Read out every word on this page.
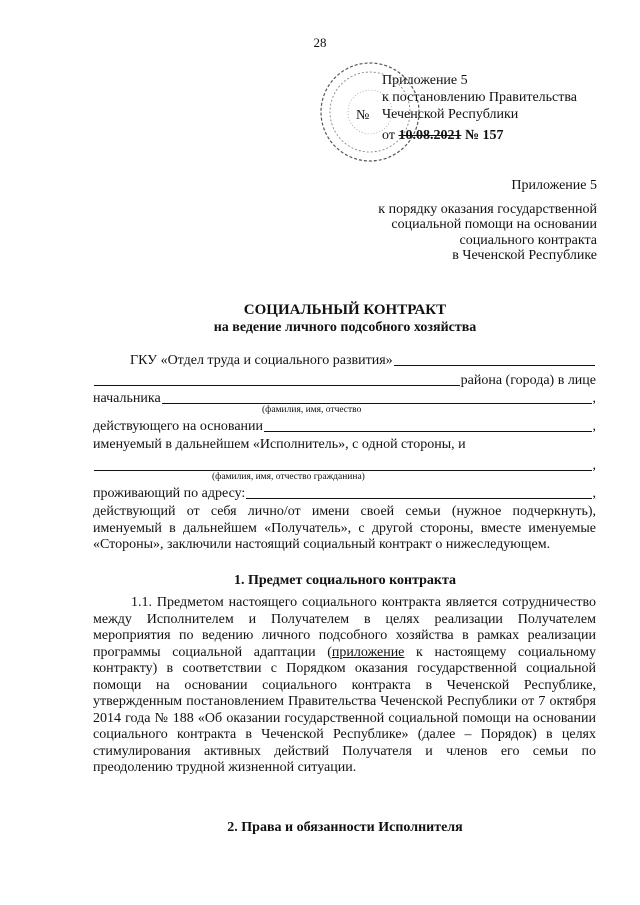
28
№
Приложение 5
к постановлению Правительства
Чеченской Республики
от 10.08.2021 № 157
Приложение 5
к порядку оказания государственной
социальной помощи на основании
социального контракта
в Чеченской Республике
СОЦИАЛЬНЫЙ КОНТРАКТ
на ведение личного подсобного хозяйства
ГКУ «Отдел труда и социального развития»
района (города) в лице
начальника	,
(фамилия, имя, отчество
действующего на основании	,
именуемый в дальнейшем «Исполнитель», с одной стороны, и
,
(фамилия, имя, отчество гражданина)
проживающий по адресу:	,
действующий от себя лично/от имени своей семьи (нужное подчеркнуть), именуемый в дальнейшем «Получатель», с другой стороны, вместе именуемые «Стороны», заключили настоящий социальный контракт о нижеследующем.
1. Предмет социального контракта
1.1. Предметом настоящего социального контракта является сотрудничество между Исполнителем и Получателем в целях реализации Получателем мероприятия по ведению личного подсобного хозяйства в рамках реализации программы социальной адаптации (приложение к настоящему социальному контракту) в соответствии с Порядком оказания государственной социальной помощи на основании социального контракта в Чеченской Республике, утвержденным постановлением Правительства Чеченской Республики от 7 октября 2014 года № 188 «Об оказании государственной социальной помощи на основании социального контракта в Чеченской Республике» (далее – Порядок) в целях стимулирования активных действий Получателя и членов его семьи по преодолению трудной жизненной ситуации.
2. Права и обязанности Исполнителя
